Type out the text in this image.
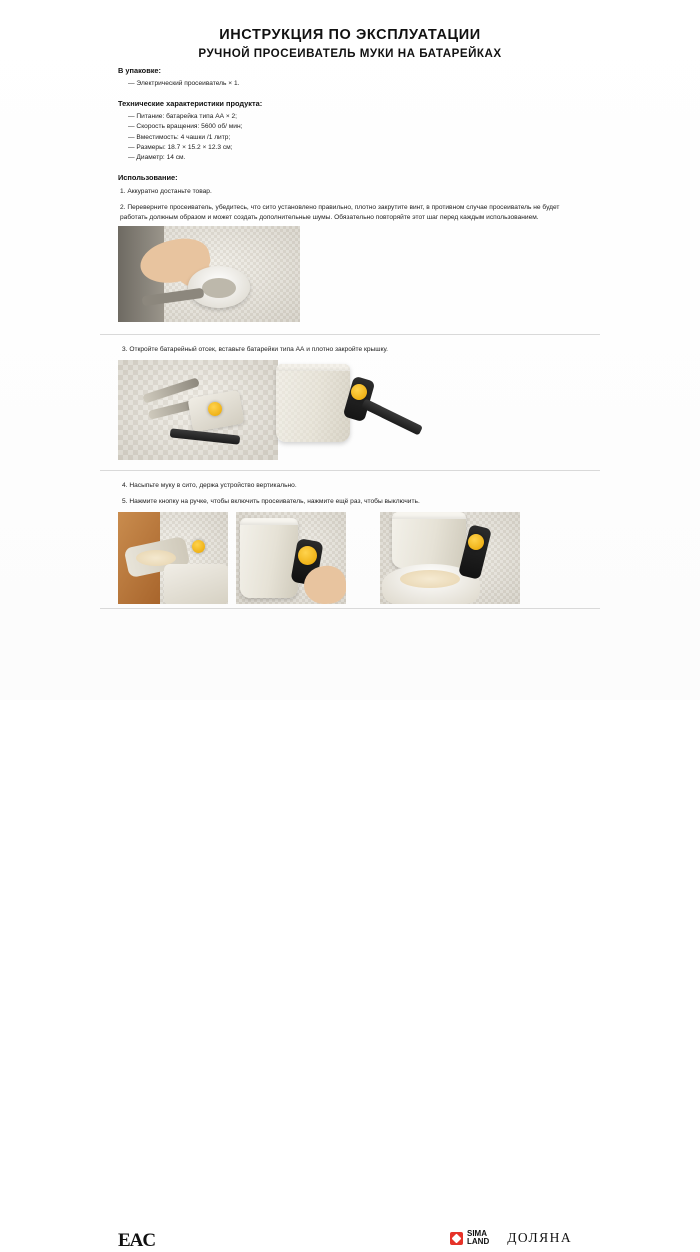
ИНСТРУКЦИЯ ПО ЭКСПЛУАТАЦИИ
РУЧНОЙ ПРОСЕИВАТЕЛЬ МУКИ НА БАТАРЕЙКАХ
В упаковке:
— Электрический просеиватель × 1.
Технические характеристики продукта:
— Питание: батарейка типа АА × 2;
— Скорость вращения: 5600 об/ мин;
— Вместимость: 4 чашки /1 литр;
— Размеры: 18.7 × 15.2 × 12.3 см;
— Диаметр: 14 см.
Использование:
1. Аккуратно достаньте товар.
2. Переверните просеиватель, убедитесь, что сито установлено правильно, плотно закрутите винт, в противном случае просеиватель не будет работать должным образом и может создать дополнительные шумы. Обязательно повторяйте этот шаг перед каждым использованием.
3. Откройте батарейный отсек, вставьте батарейки типа АА и плотно закройте крышку.
4. Насыпьте муку в сито, держа устройство вертикально.
5. Нажмите кнопку на ручке, чтобы включить просеиватель, нажмите ещё раз, чтобы выключить.
ЕAC	SIMA
LAND ДОЛЯНА
